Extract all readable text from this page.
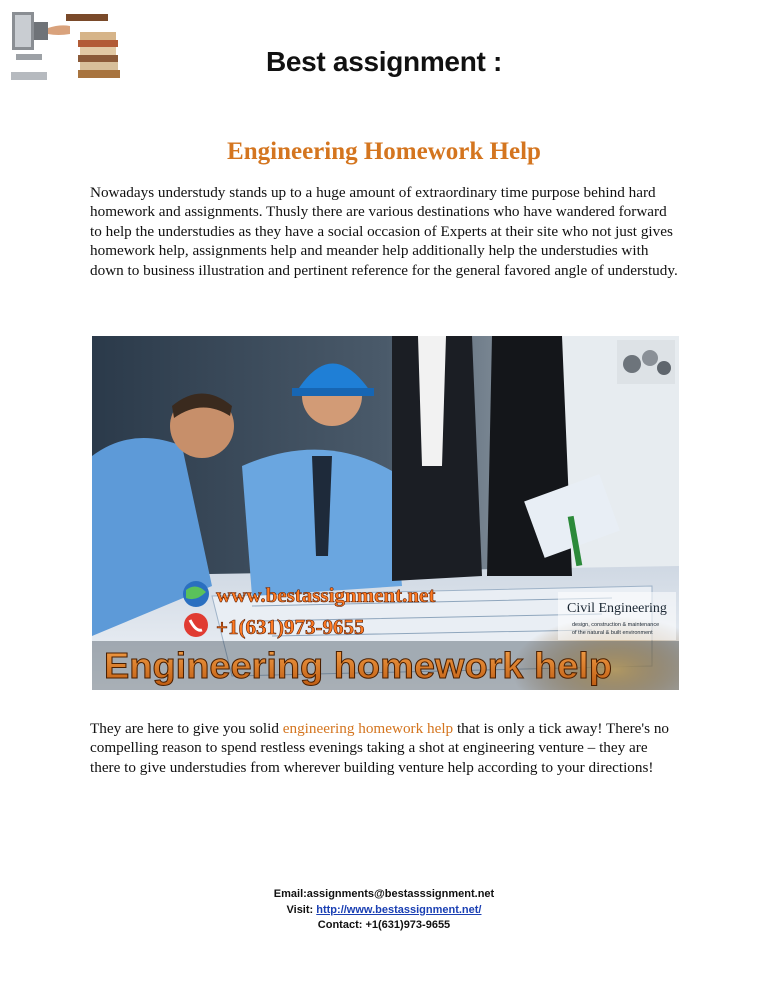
Best assignment :
Engineering Homework Help
Nowadays understudy stands up to a huge amount of extraordinary time purpose behind hard homework and assignments. Thusly there are various destinations who have wandered forward to help the understudies as they have a social occasion of Experts at their site who not just gives homework help, assignments help and meander help additionally help the understudies with down to business illustration and pertinent reference for the general favored angle of understudy.
www.bestassignment.net
+1(631)973-9655
Civil Engineering
design, construction & maintenance
of the natural & built environment
Engineering homework help
They are here to give you solid engineering homework help that is only a tick away! There's no compelling reason to spend restless evenings taking a shot at engineering venture – they are there to give understudies from wherever building venture help according to your directions!
Email:assignments@bestasssignment.net
Visit: http://www.bestassignment.net/
Contact: +1(631)973-9655
